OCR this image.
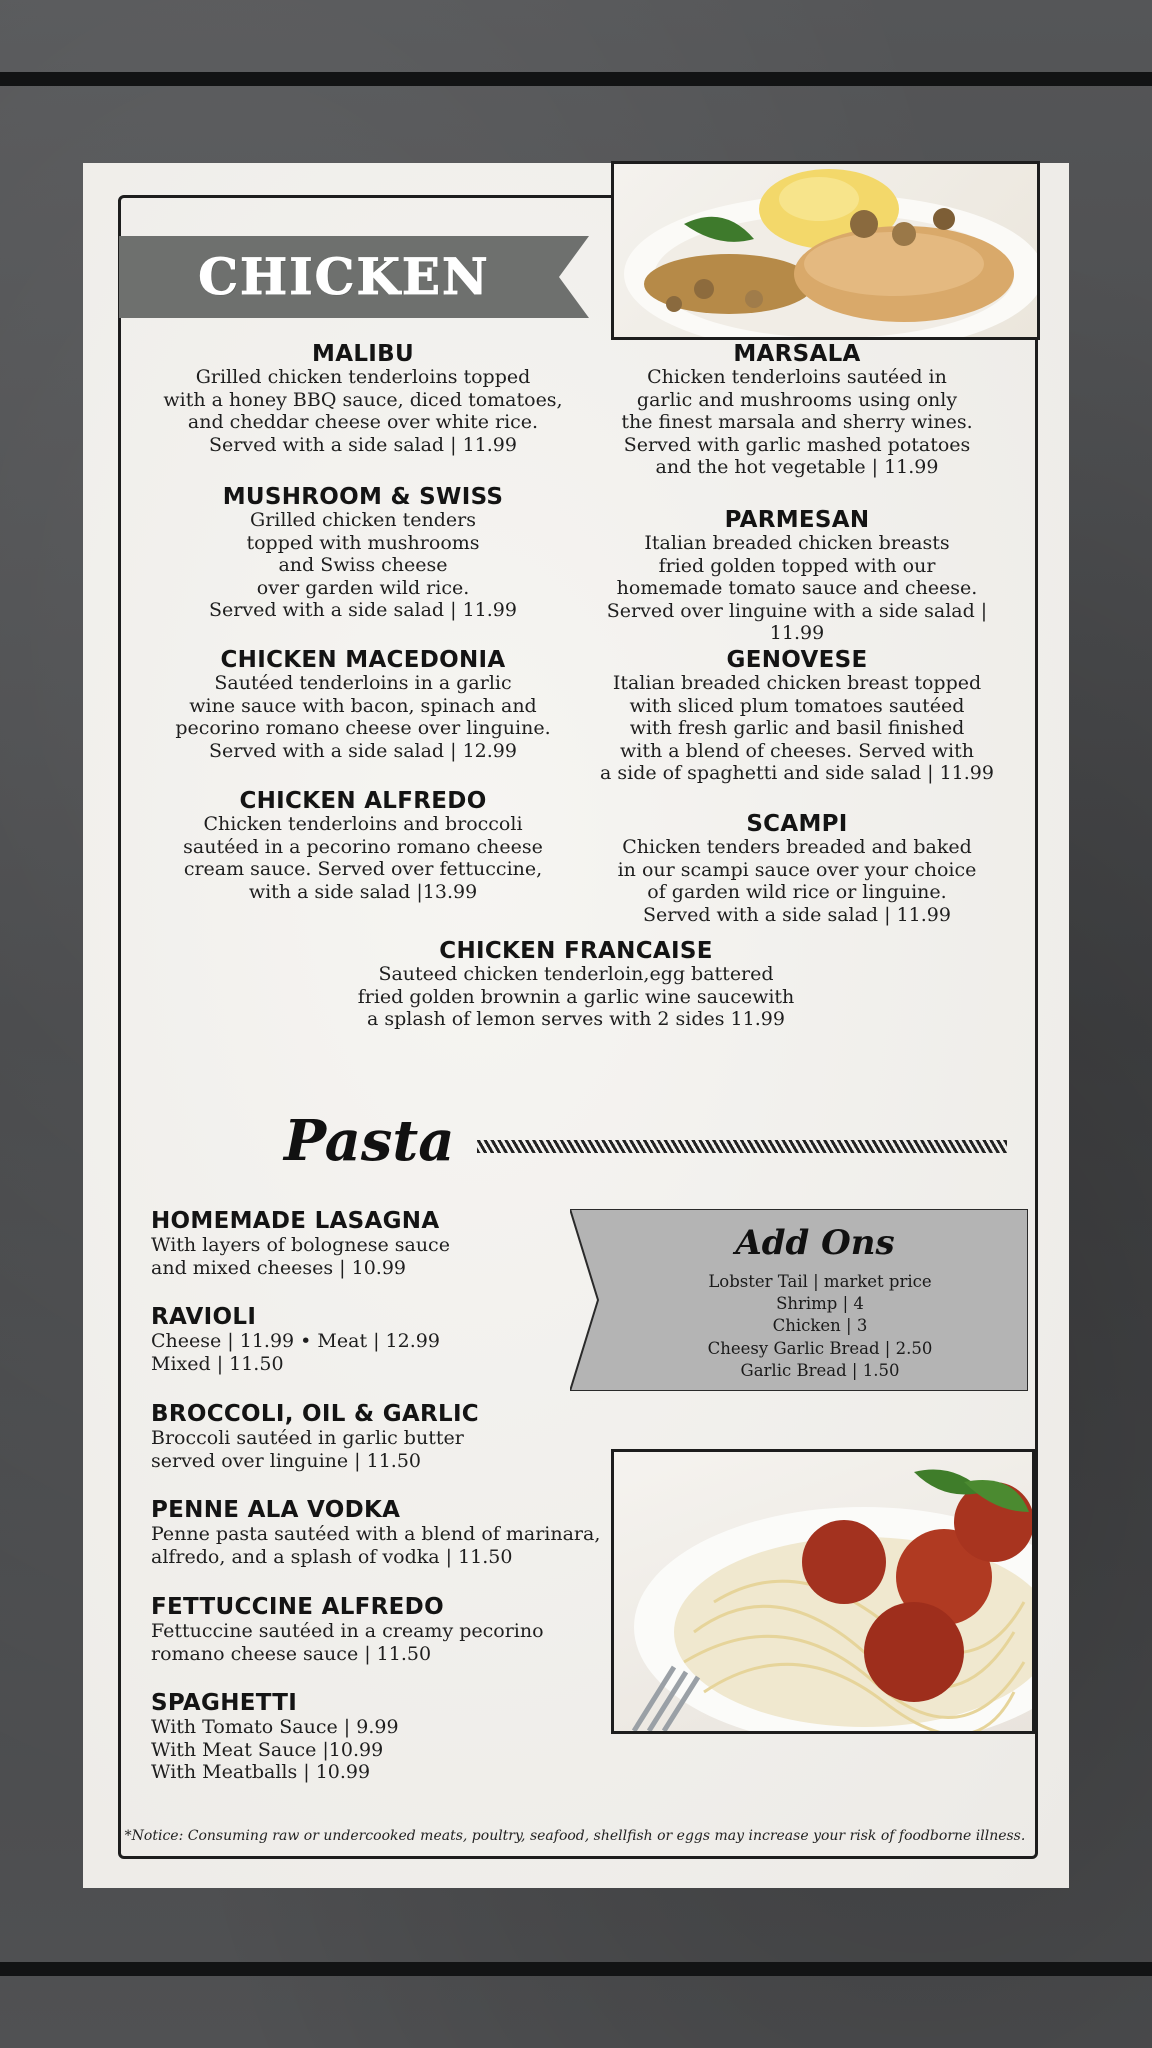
CHICKEN
MALIBU
Grilled chicken tenderloins topped
with a honey BBQ sauce, diced tomatoes,
and cheddar cheese over white rice.
Served with a side salad | 11.99
MUSHROOM & SWISS
Grilled chicken tenders
topped with mushrooms
and Swiss cheese
over garden wild rice.
Served with a side salad | 11.99
CHICKEN MACEDONIA
Sautéed tenderloins in a garlic
wine sauce with bacon, spinach and
pecorino romano cheese over linguine.
Served with a side salad | 12.99
CHICKEN ALFREDO
Chicken tenderloins and broccoli
sautéed in a pecorino romano cheese
cream sauce. Served over fettuccine,
with a side salad |13.99
MARSALA
Chicken tenderloins sautéed in
garlic and mushrooms using only
the finest marsala and sherry wines.
Served with garlic mashed potatoes
and the hot vegetable | 11.99
PARMESAN
Italian breaded chicken breasts
fried golden topped with our
homemade tomato sauce and cheese.
Served over linguine with a side salad | 11.99
GENOVESE
Italian breaded chicken breast topped
with sliced plum tomatoes sautéed
with fresh garlic and basil finished
with a blend of cheeses. Served with
a side of spaghetti and side salad | 11.99
SCAMPI
Chicken tenders breaded and baked
in our scampi sauce over your choice
of garden wild rice or linguine.
Served with a side salad | 11.99
CHICKEN FRANCAISE
Sauteed chicken tenderloin,egg battered
fried golden brownin a garlic wine saucewith
a splash of lemon serves with 2 sides 11.99
Pasta
HOMEMADE LASAGNA
With layers of bolognese sauce
and mixed cheeses | 10.99
RAVIOLI
Cheese | 11.99 • Meat | 12.99
Mixed | 11.50
BROCCOLI, OIL & GARLIC
Broccoli sautéed in garlic butter
served over linguine | 11.50
PENNE ALA VODKA
Penne pasta sautéed with a blend of marinara,
alfredo, and a splash of vodka | 11.50
FETTUCCINE ALFREDO
Fettuccine sautéed in a creamy pecorino
romano cheese sauce | 11.50
SPAGHETTI
With Tomato Sauce | 9.99
With Meat Sauce |10.99
With Meatballs | 10.99
Add Ons
Lobster Tail | market price
Shrimp | 4
Chicken | 3
Cheesy Garlic Bread | 2.50
Garlic Bread | 1.50
*Notice: Consuming raw or undercooked meats, poultry, seafood, shellfish or eggs may increase your risk of foodborne illness.
